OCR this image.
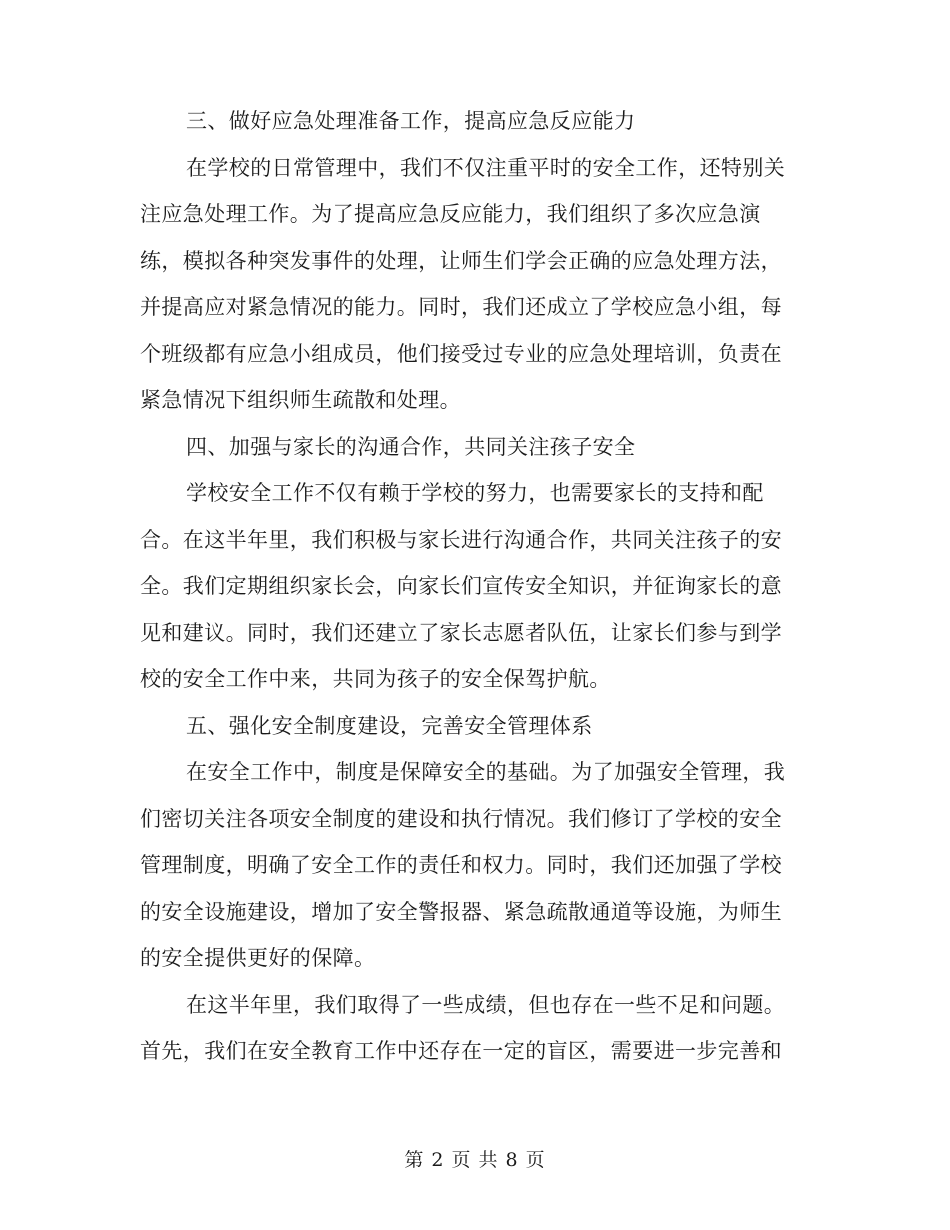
三、做好应急处理准备工作，提高应急反应能力
在学校的日常管理中，我们不仅注重平时的安全工作，还特别关
注应急处理工作。为了提高应急反应能力，我们组织了多次应急演
练，模拟各种突发事件的处理，让师生们学会正确的应急处理方法，
并提高应对紧急情况的能力。同时，我们还成立了学校应急小组，每
个班级都有应急小组成员，他们接受过专业的应急处理培训，负责在
紧急情况下组织师生疏散和处理。
四、加强与家长的沟通合作，共同关注孩子安全
学校安全工作不仅有赖于学校的努力，也需要家长的支持和配
合。在这半年里，我们积极与家长进行沟通合作，共同关注孩子的安
全。我们定期组织家长会，向家长们宣传安全知识，并征询家长的意
见和建议。同时，我们还建立了家长志愿者队伍，让家长们参与到学
校的安全工作中来，共同为孩子的安全保驾护航。
五、强化安全制度建设，完善安全管理体系
在安全工作中，制度是保障安全的基础。为了加强安全管理，我
们密切关注各项安全制度的建设和执行情况。我们修订了学校的安全
管理制度，明确了安全工作的责任和权力。同时，我们还加强了学校
的安全设施建设，增加了安全警报器、紧急疏散通道等设施，为师生
的安全提供更好的保障。
在这半年里，我们取得了一些成绩，但也存在一些不足和问题。
首先，我们在安全教育工作中还存在一定的盲区，需要进一步完善和
第 2 页 共 8 页
